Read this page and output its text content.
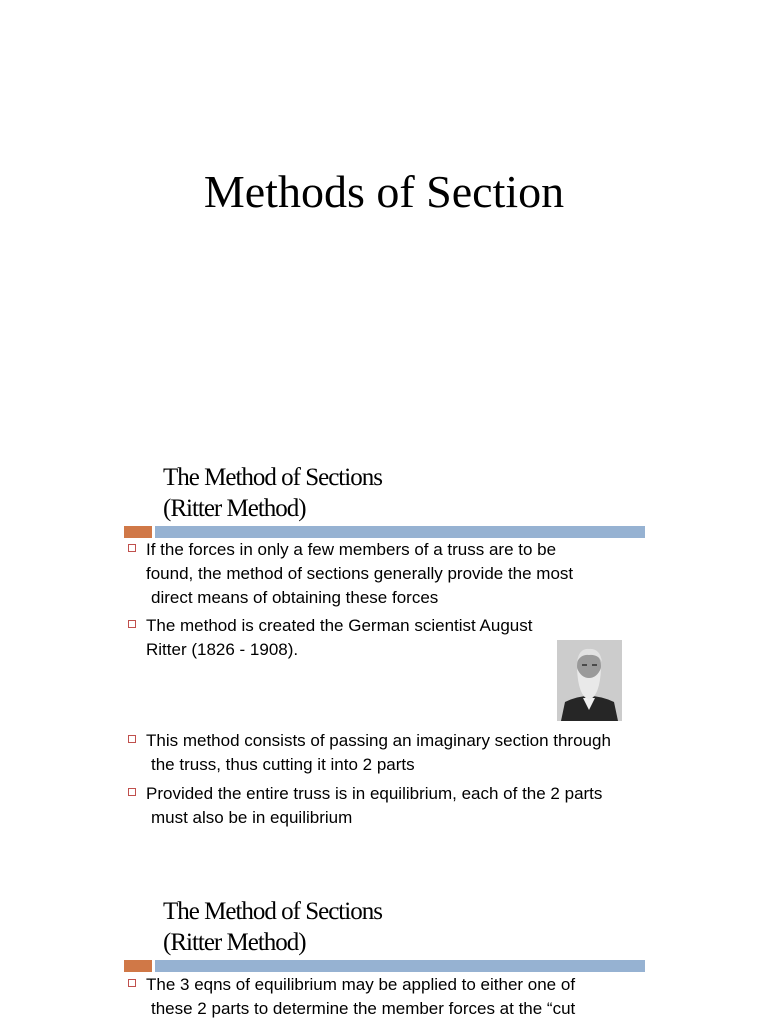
Methods of Section
The Method of Sections
(Ritter Method)
If the forces in only a few members of a truss are to be
found, the method of sections generally provide the most
direct means of obtaining these forces
The method is created the German scientist August
Ritter (1826 - 1908).
This method consists of passing an imaginary section through
the truss, thus cutting it into 2 parts
Provided the entire truss is in equilibrium, each of the 2 parts
must also be in equilibrium
The Method of Sections
(Ritter Method)
The 3 eqns of equilibrium may be applied to either one of
these 2 parts to determine the member forces at the “cut
